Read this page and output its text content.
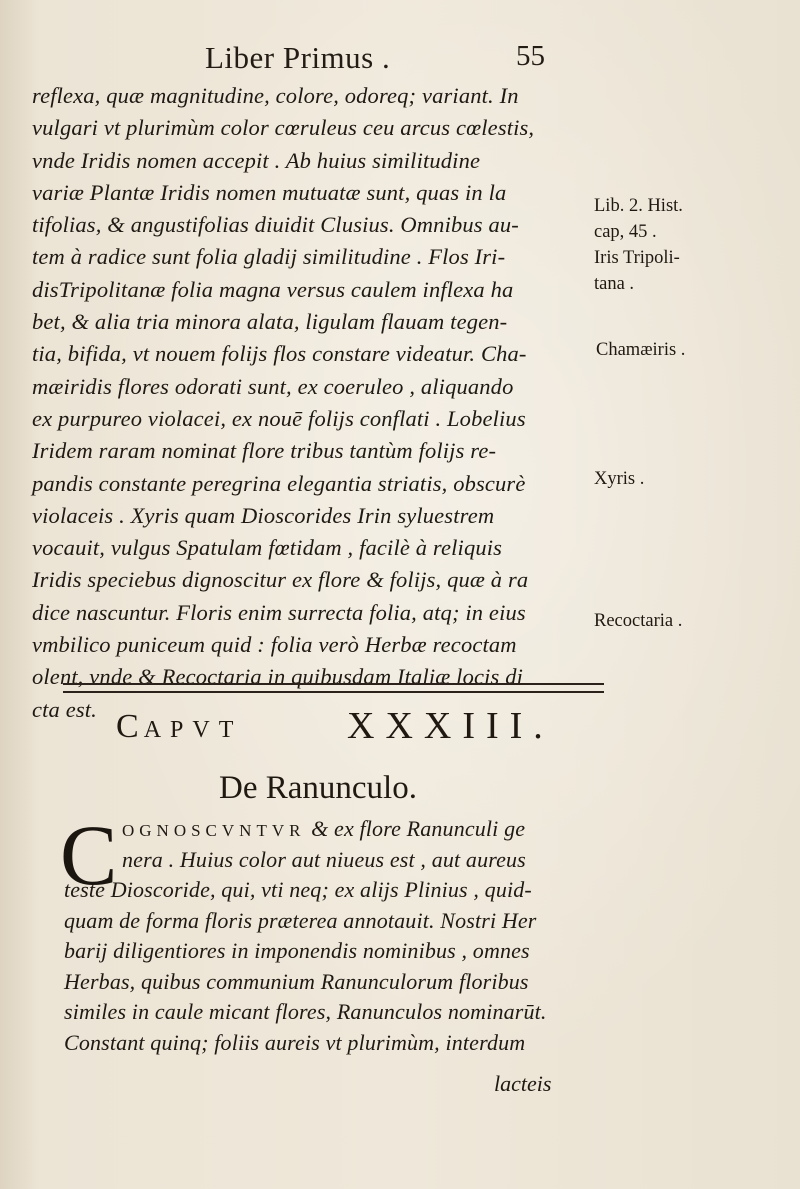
Liber Primus .	55
reflexa, quæ magnitudine, colore, odoreq; variant. In
vulgari vt plurimùm color cœruleus ceu arcus cœlestis,
vnde Iridis nomen accepit . Ab huius similitudine
variæ Plantæ Iridis nomen mutuatæ sunt, quas in la
tifolias, & angustifolias diuidit Clusius. Omnibus au-
tem à radice sunt folia gladij similitudine . Flos Iri-
disTripolitanæ folia magna versus caulem inflexa ha
bet, & alia tria minora alata, ligulam flauam tegen-
tia, bifida, vt nouem folijs flos constare videatur. Cha-
mæiridis flores odorati sunt, ex coeruleo , aliquando
ex purpureo violacei, ex nouē folijs conflati . Lobelius
Iridem raram nominat flore tribus tantùm folijs re-
pandis constante peregrina elegantia striatis, obscurè
violaceis . Xyris quam Dioscorides Irin syluestrem
vocauit, vulgus Spatulam fœtidam , facilè à reliquis
Iridis speciebus dignoscitur ex flore & folijs, quæ à ra
dice nascuntur. Floris enim surrecta folia, atq; in eius
vmbilico puniceum quid : folia verò Herbæ recoctam
olent, vnde & Recoctaria in quibusdam Italiæ locis di
cta est.
Lib. 2. Hist.
cap, 45 .
Iris Tripoli-
tana .
Chamæiris .
Xyris .
Recoctaria .
CAPVT	XXXIII.
De Ranunculo.
C OGNOSCVNTVR & ex flore Ranunculi ge
nera . Huius color aut niueus est , aut aureus
teste Dioscoride, qui, vti neq; ex alijs Plinius , quid-
quam de forma floris præterea annotauit. Nostri Her
barij diligentiores in imponendis nominibus , omnes
Herbas, quibus communium Ranunculorum floribus
similes in caule micant flores, Ranunculos nominarūt.
Constant quinq; foliis aureis vt plurimùm, interdum
lacteis
